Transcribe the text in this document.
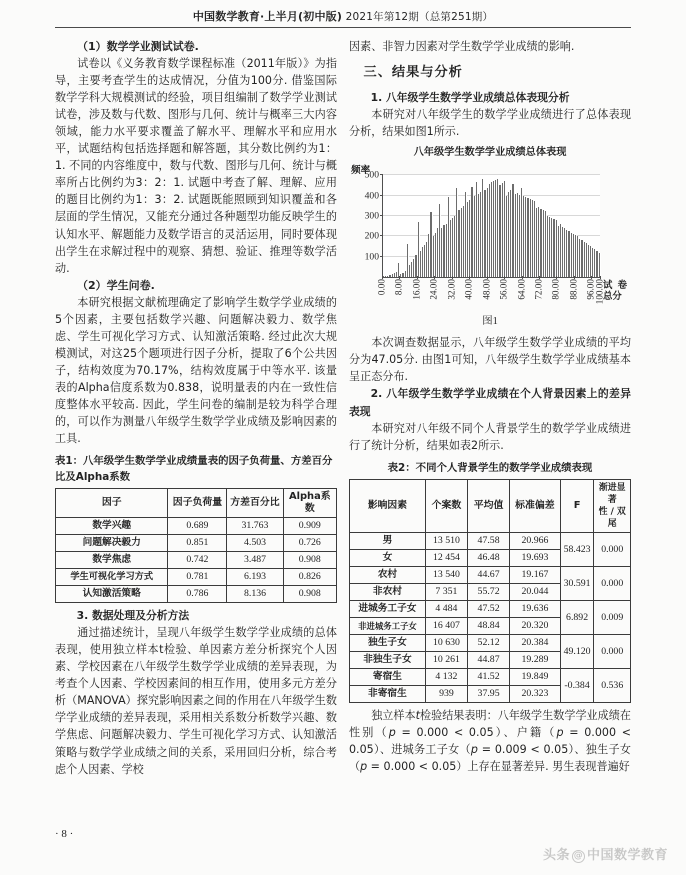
中国数学教育·上半月(初中版) 2021年第12期（总第251期）

（1）数学学业测试试卷.

试卷以《义务教育数学课程标准（2011年版）》为指导，主要考查学生的达成情况，分值为100分. 借鉴国际数学学科大规模测试的经验，项目组编制了数学学业测试试卷，涉及数与代数、图形与几何、统计与概率三大内容领域，能力水平要求覆盖了解水平、理解水平和应用水平，试题结构包括选择题和解答题，其分数比例约为1：1. 不同的内容维度中，数与代数、图形与几何、统计与概率所占比例约为3：2：1. 试题中考查了解、理解、应用的题目比例约为1：3：2. 试题既能照顾到知识覆盖和各层面的学生情况，又能充分通过各种题型功能反映学生的认知水平、解题能力及数学语言的灵活运用，同时要体现出学生在求解过程中的观察、猜想、验证、推理等数学活动.

（2）学生问卷.

本研究根据文献梳理确定了影响学生数学学业成绩的5个因素，主要包括数学兴趣、问题解决毅力、数学焦虑、学生可视化学习方式、认知激活策略. 经过此次大规模测试，对这25个题项进行因子分析，提取了6个公共因子，结构效度为70.17%，结构效度属于中等水平. 该量表的Alpha信度系数为0.838，说明量表的内在一致性信度整体水平较高. 因此，学生问卷的编制是较为科学合理的，可以作为测量八年级学生数学学业成绩及影响因素的工具.

表1：八年级学生数学学业成绩量表的因子负荷量、方差百分比及Alpha系数
因子	因子负荷量	方差百分比	Alpha系数
数学兴趣	0.689	31.763	0.909
问题解决毅力	0.851	4.503	0.726
数学焦虑	0.742	3.487	0.908
学生可视化学习方式	0.781	6.193	0.826
认知激活策略	0.786	8.136	0.908

3. 数据处理及分析方法

通过描述统计，呈现八年级学生数学学业成绩的总体表现，使用独立样本t检验、单因素方差分析探究个人因素、学校因素在八年级学生数学学业成绩的差异表现，为考查个人因素、学校因素间的相互作用，使用多元方差分析（MANOVA）探究影响因素之间的作用在八年级学生数学学业成绩的差异表现，采用相关系数分析数学兴趣、数学焦虑、问题解决毅力、学生可视化学习方式、认知激活策略与数学学业成绩之间的关系，采用回归分析，综合考虑个人因素、学校

因素、非智力因素对学生数学学业成绩的影响.

三、结果与分析

1. 八年级学生数学学业成绩总体表现分析

本研究对八年级学生的数学学业成绩进行了总体表现分析，结果如图1所示.

八年级学生数学学业成绩总体表现
频率
100
200
300
400
500
0.00 8.00 16.00 24.00 32.00 40.00 48.00 56.00 64.00 72.00 80.00 88.00 96.00
100.00
试卷总分
图1

本次调查数据显示，八年级学生数学学业成绩的平均分为47.05分. 由图1可知，八年级学生数学学业成绩基本呈正态分布.

2. 八年级学生数学学业成绩在个人背景因素上的差异表现

本研究对八年级不同个人背景学生的数学学业成绩进行了统计分析，结果如表2所示.

表2：不同个人背景学生的数学学业成绩表现
影响因素	个案数	平均值	标准偏差	F	渐进显著
性 / 双尾
男	13 510	47.58	20.966	58.423	0.000
女	12 454	46.48	19.693		
农村	13 540	44.67	19.167	30.591	0.000
非农村	7 351	55.72	20.044		
进城务工子女	4 484	47.52	19.636	6.892	0.009
非进城务工子女	16 407	48.84	20.320		
独生子女	10 630	52.12	20.384	49.120	0.000
非独生子女	10 261	44.87	19.289		
寄宿生	4 132	41.52	19.849	-0.384	0.536
非寄宿生	939	37.95	20.323		

独立样本t检验结果表明：八年级学生数学学业成绩在性别（p = 0.000 < 0.05）、户籍（p = 0.000 < 0.05）、进城务工子女（p = 0.009 < 0.05）、独生子女（p = 0.000 < 0.05）上存在显著差异. 男生表现普遍好

· 8 ·
头条 @ 中国数学教育
